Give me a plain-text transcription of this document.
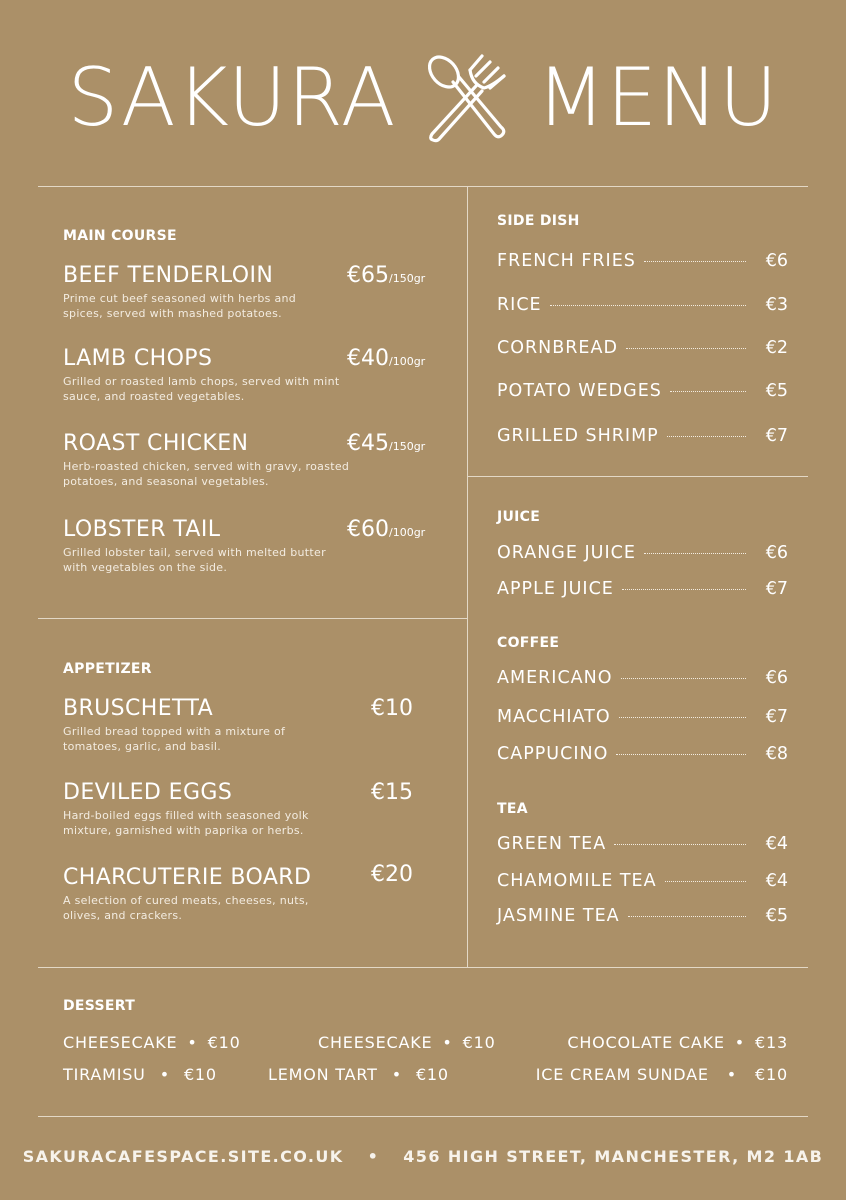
SAKURA MENU
MAIN COURSE
BEEF TENDERLOIN
Prime cut beef seasoned with herbs and spices, served with mashed potatoes.
€65/150gr
LAMB CHOPS
Grilled or roasted lamb chops, served with mint sauce, and roasted vegetables.
€40/100gr
ROAST CHICKEN
Herb-roasted chicken, served with gravy, roasted potatoes, and seasonal vegetables.
€45/150gr
LOBSTER TAIL
Grilled lobster tail, served with melted butter with vegetables on the side.
€60/100gr
APPETIZER
BRUSCHETTA
Grilled bread topped with a mixture of tomatoes, garlic, and basil.
€10
DEVILED EGGS
Hard-boiled eggs filled with seasoned yolk mixture, garnished with paprika or herbs.
€15
CHARCUTERIE BOARD
A selection of cured meats, cheeses, nuts, olives, and crackers.
€20
SIDE DISH
FRENCH FRIES	€6
RICE	€3
CORNBREAD	€2
POTATO WEDGES	€5
GRILLED SHRIMP	€7
JUICE
ORANGE JUICE	€6
APPLE JUICE	€7
COFFEE
AMERICANO	€6
MACCHIATO	€7
CAPPUCINO	€8
TEA
GREEN TEA	€4
CHAMOMILE TEA	€4
JASMINE TEA	€5
DESSERT
CHEESECAKE • €10	CHEESECAKE • €10	CHOCOLATE CAKE • €13
TIRAMISU • €10	LEMON TART • €10	ICE CREAM SUNDAE • €10
SAKURACAFESPACE.SITE.CO.UK • 456 HIGH STREET, MANCHESTER, M2 1AB
